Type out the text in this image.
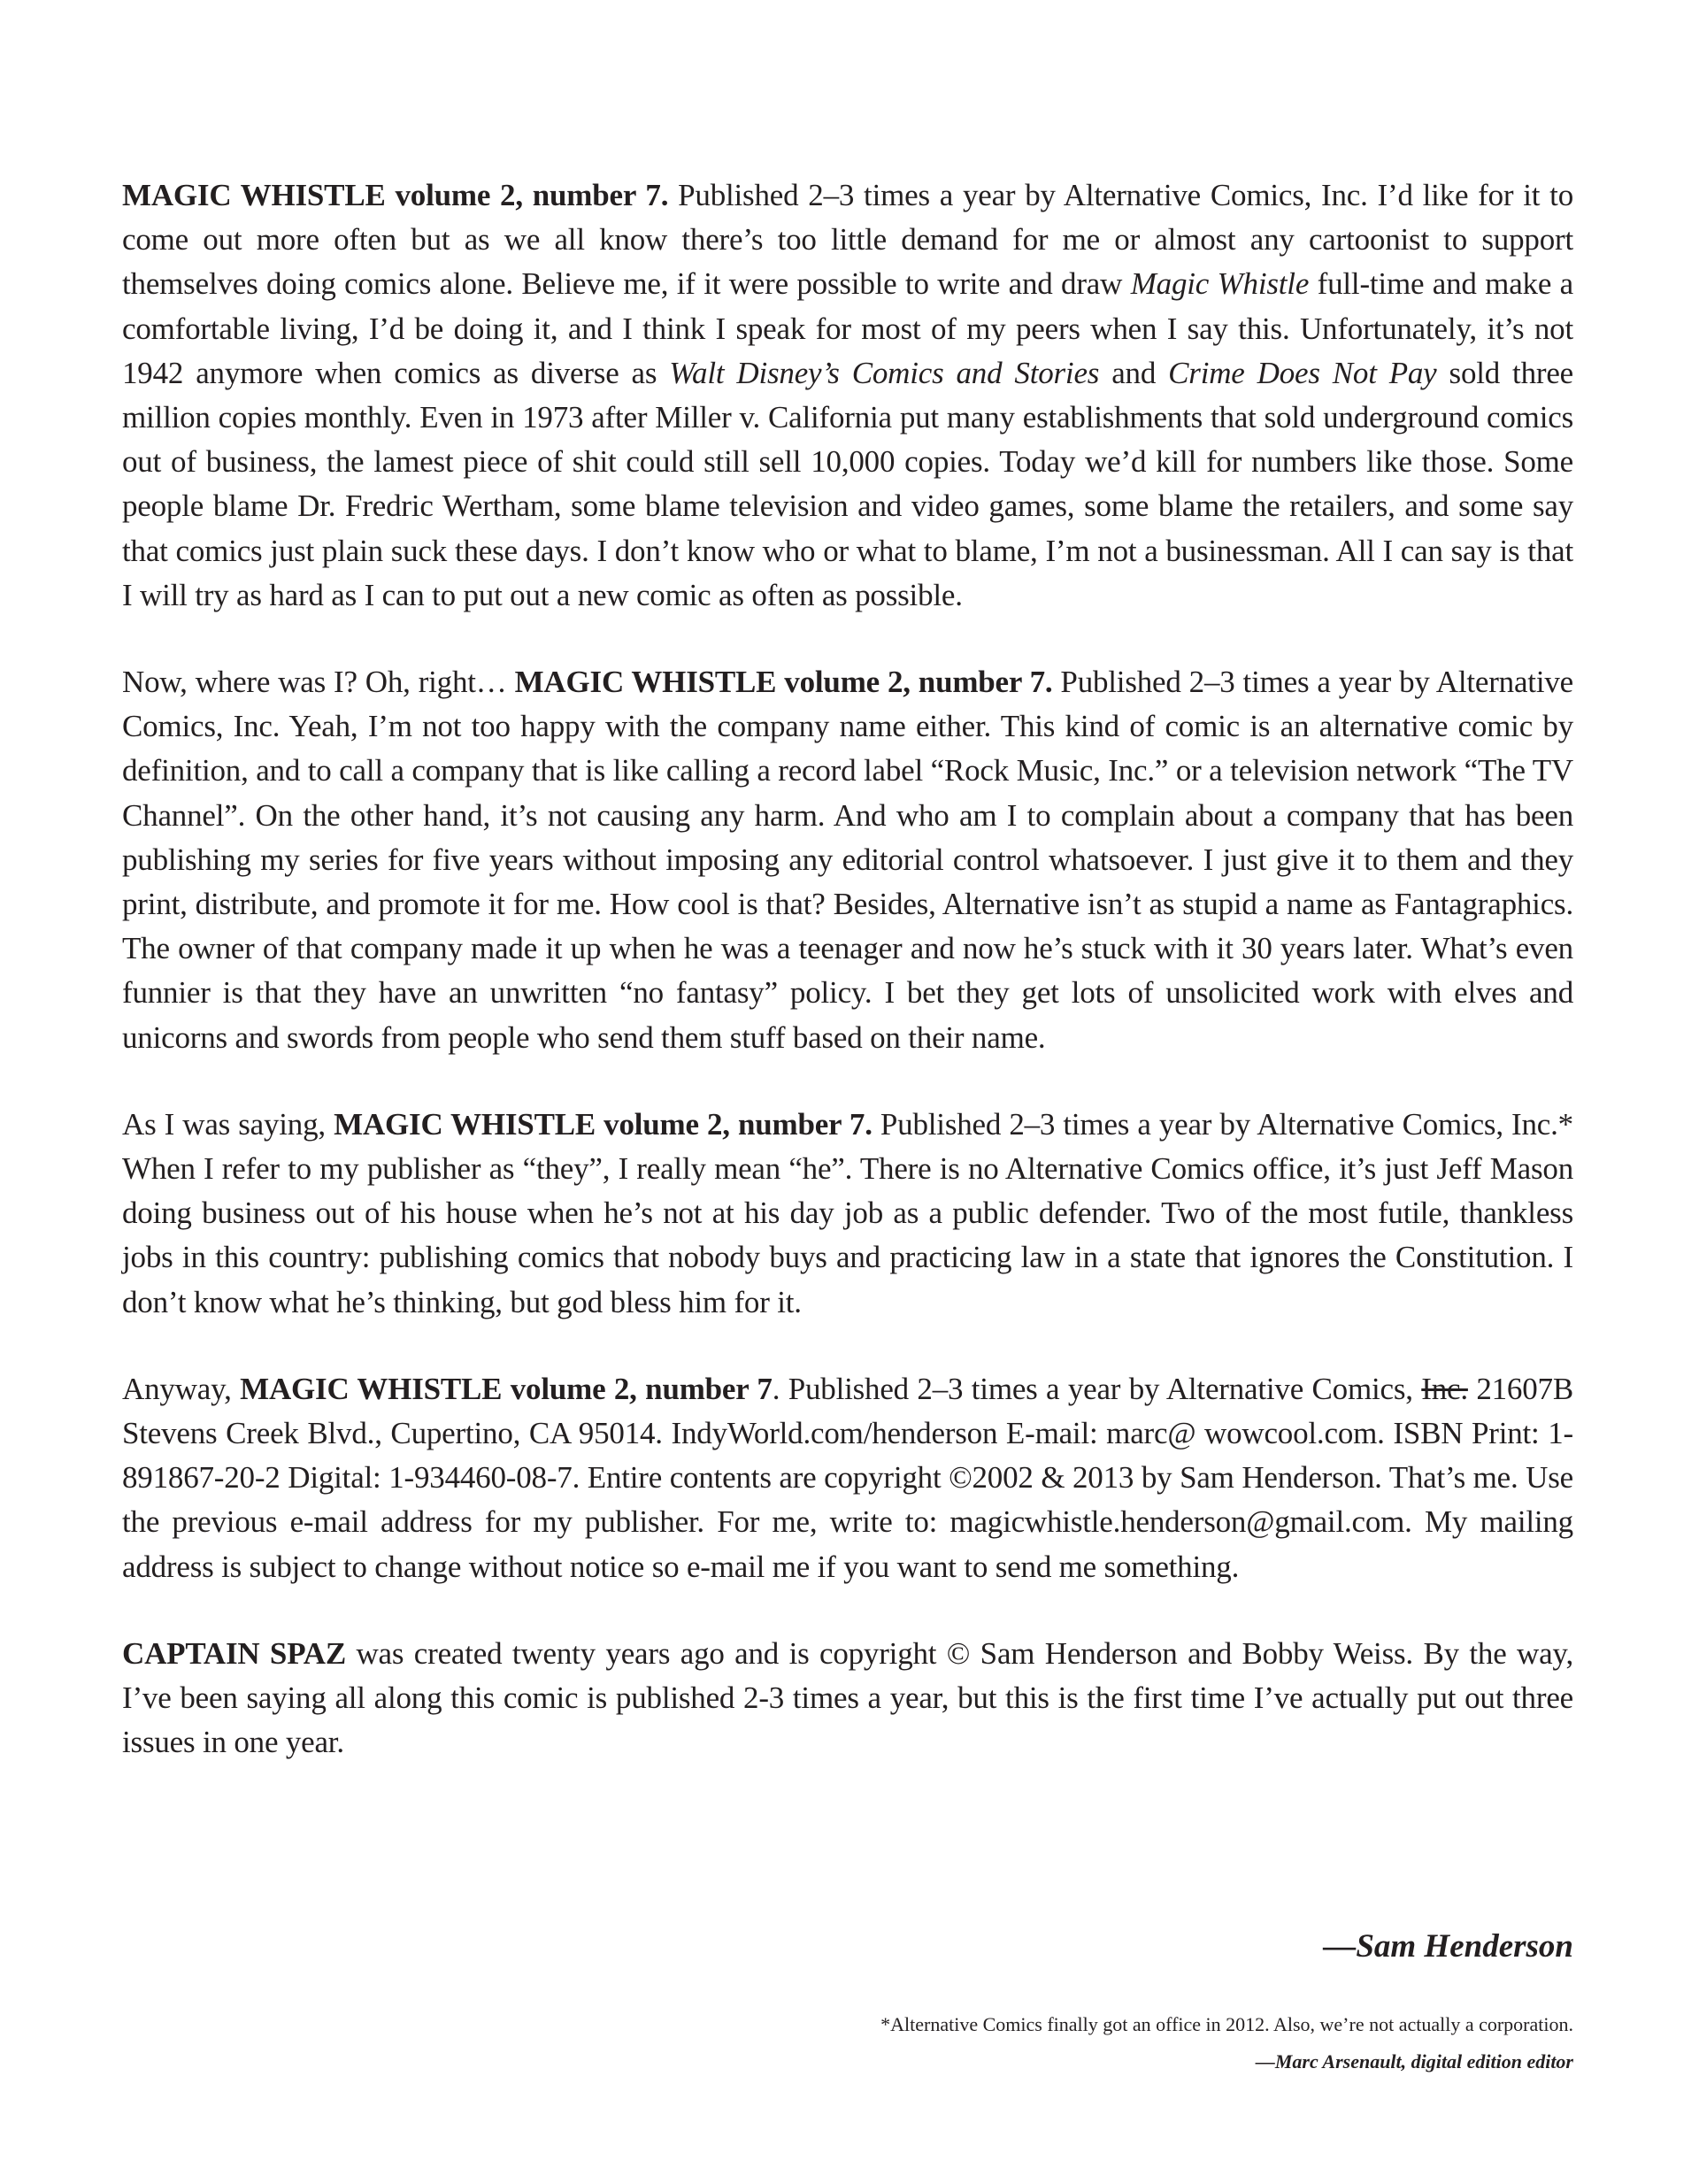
MAGIC WHISTLE volume 2, number 7. Published 2–3 times a year by Alternative Comics, Inc. I’d like for it to come out more often but as we all know there’s too little demand for me or almost any cartoonist to support themselves doing comics alone. Believe me, if it were possible to write and draw Magic Whistle full-time and make a comfortable living, I’d be doing it, and I think I speak for most of my peers when I say this. Unfortunately, it’s not 1942 anymore when comics as diverse as Walt Disney’s Comics and Stories and Crime Does Not Pay sold three million copies monthly. Even in 1973 after Miller v. California put many establishments that sold underground comics out of business, the lamest piece of shit could still sell 10,000 copies. Today we’d kill for numbers like those. Some people blame Dr. Fredric Wertham, some blame television and video games, some blame the retailers, and some say that comics just plain suck these days. I don’t know who or what to blame, I’m not a businessman. All I can say is that I will try as hard as I can to put out a new comic as often as possible.

Now, where was I? Oh, right… MAGIC WHISTLE volume 2, number 7. Published 2–3 times a year by Alternative Comics, Inc. Yeah, I’m not too happy with the company name either. This kind of comic is an alternative comic by definition, and to call a company that is like calling a record label “Rock Music, Inc.” or a television network “The TV Channel”. On the other hand, it’s not causing any harm. And who am I to complain about a company that has been publishing my series for five years without imposing any editorial control whatsoever. I just give it to them and they print, distribute, and promote it for me. How cool is that? Besides, Alternative isn’t as stupid a name as Fantagraphics. The owner of that company made it up when he was a teenager and now he’s stuck with it 30 years later. What’s even funnier is that they have an unwritten “no fantasy” policy. I bet they get lots of unsolicited work with elves and unicorns and swords from people who send them stuff based on their name.

As I was saying, MAGIC WHISTLE volume 2, number 7. Published 2–3 times a year by Alternative Comics, Inc.* When I refer to my publisher as “they”, I really mean “he”. There is no Alternative Comics office, it’s just Jeff Mason doing business out of his house when he’s not at his day job as a public defender. Two of the most futile, thankless jobs in this country: publishing comics that nobody buys and practicing law in a state that ignores the Constitution. I don’t know what he’s thinking, but god bless him for it.

Anyway, MAGIC WHISTLE volume 2, number 7. Published 2–3 times a year by Alternative Comics, Inc. 21607B Stevens Creek Blvd., Cupertino, CA 95014. IndyWorld.com/henderson E-mail: marc@ wowcool.com. ISBN Print: 1-891867-20-2 Digital: 1-934460-08-7. Entire contents are copyright ©2002 & 2013 by Sam Henderson. That’s me. Use the previous e-mail address for my publisher. For me, write to: magicwhistle.henderson@gmail.com. My mailing address is subject to change without notice so e-mail me if you want to send me something.

CAPTAIN SPAZ was created twenty years ago and is copyright © Sam Henderson and Bobby Weiss. By the way, I’ve been saying all along this comic is published 2-3 times a year, but this is the first time I’ve actually put out three issues in one year.

—Sam Henderson
*Alternative Comics finally got an office in 2012. Also, we’re not actually a corporation.
—Marc Arsenault, digital edition editor
